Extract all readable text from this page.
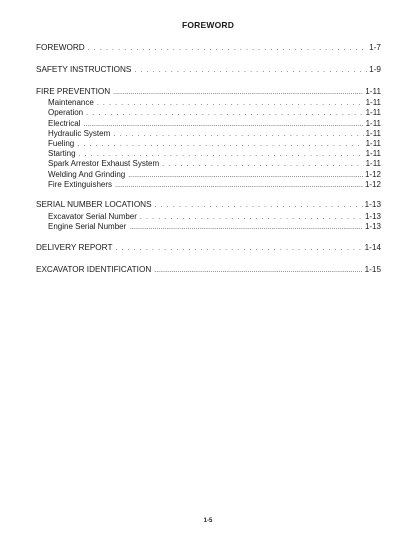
FOREWORD
FOREWORD . . .	1-7
SAFETY INSTRUCTIONS . . .	1-9
FIRE PREVENTION .....	1-11
Maintenance . . .	1-11
Operation . . .	1-11
Electrical .....	1-11
Hydraulic System . . .	1-11
Fueling . . .	1-11
Starting . . .	1-11
Spark Arrestor Exhaust System . . .	1-11
Welding And Grinding .....	1-12
Fire Extinguishers .....	1-12
SERIAL NUMBER LOCATIONS . . .	1-13
Excavator Serial Number . . .	1-13
Engine Serial Number .....	1-13
DELIVERY REPORT . . .	1-14
EXCAVATOR IDENTIFICATION .....	1-15
1-5
